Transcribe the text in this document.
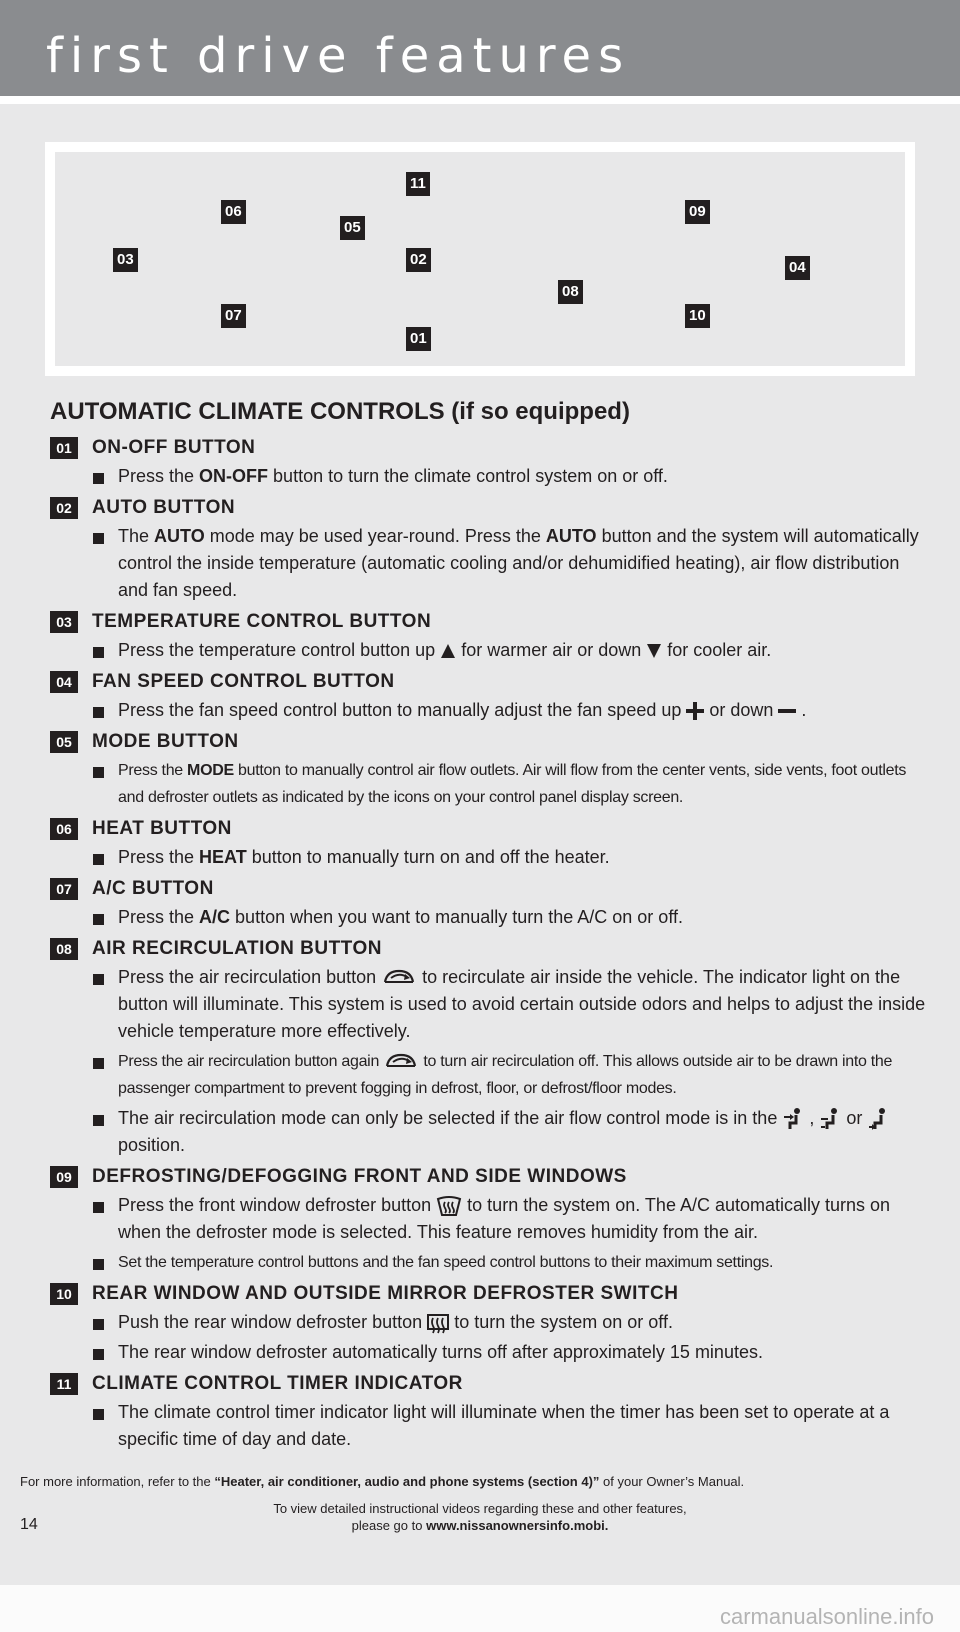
first drive features
11
06	09
05
03	02	04
08
07	10
01
AUTOMATIC CLIMATE CONTROLS (if so equipped)
01	ON-OFF BUTTON
Press the ON-OFF button to turn the climate control system on or off.
02	AUTO BUTTON
The AUTO mode may be used year-round. Press the AUTO button and the system will automatically control the inside temperature (automatic cooling and/or dehumidified heating), air flow distribution and fan speed.
03	TEMPERATURE CONTROL BUTTON
Press the temperature control button up  for warmer air or down  for cooler air.
04	FAN SPEED CONTROL BUTTON
Press the fan speed control button to manually adjust the fan speed up  or down  .
05	MODE BUTTON
Press the MODE button to manually control air flow outlets. Air will flow from the center vents, side vents, foot outlets and defroster outlets as indicated by the icons on your control panel display screen.
06	HEAT BUTTON
Press the HEAT button to manually turn on and off the heater.
07	A/C BUTTON
Press the A/C button when you want to manually turn the A/C on or off.
08	AIR RECIRCULATION BUTTON
Press the air recirculation button  to recirculate air inside the vehicle. The indicator light on the button will illuminate. This system is used to avoid certain outside odors and helps to adjust the inside vehicle temperature more effectively.
Press the air recirculation button again  to turn air recirculation off. This allows outside air to be drawn into the passenger compartment to prevent fogging in defrost, floor, or defrost/floor modes.
The air recirculation mode can only be selected if the air flow control mode is in the  ,  or  position.
09	DEFROSTING/DEFOGGING FRONT AND SIDE WINDOWS
Press the front window defroster button  to turn the system on. The A/C automatically turns on when the defroster mode is selected. This feature removes humidity from the air.
Set the temperature control buttons and the fan speed control buttons to their maximum settings.
10	REAR WINDOW AND OUTSIDE MIRROR DEFROSTER SWITCH
Push the rear window defroster button  to turn the system on or off.
The rear window defroster automatically turns off after approximately 15 minutes.
11	CLIMATE CONTROL TIMER INDICATOR
The climate control timer indicator light will illuminate when the timer has been set to operate at a specific time of day and date.
For more information, refer to the “Heater, air conditioner, audio and phone systems (section 4)” of your Owner’s Manual.
To view detailed instructional videos regarding these and other features,
please go to www.nissanownersinfo.mobi.
14
carmanualsonline.info
